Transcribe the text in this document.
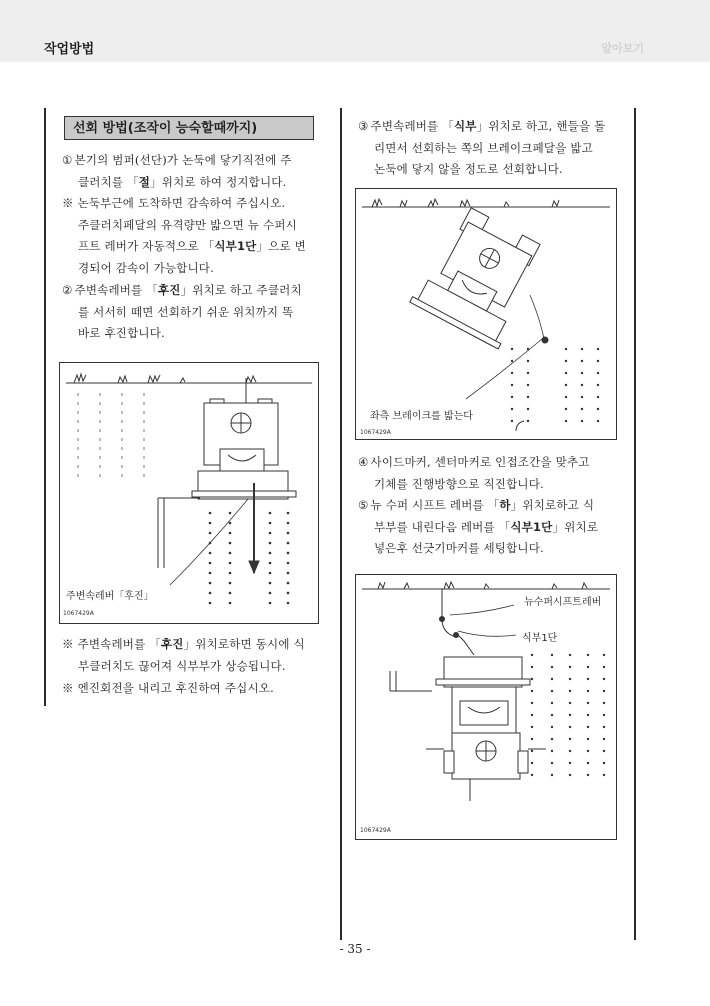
작업방법	알아보기
선회 방법(조작이 능숙할때까지)
① 본기의 범퍼(선단)가 논둑에 닿기직전에 주
클러치를 「절」위치로 하여 정지합니다.
※ 논둑부근에 도착하면 감속하여 주십시오.
주클러치페달의 유격량만 밟으면 뉴 수퍼시
프트 레버가 자동적으로 「식부1단」으로 변
경되어 감속이 가능합니다.
② 주변속레버를 「후진」위치로 하고 주클러치
를 서서히 떼면 선회하기 쉬운 위치까지 똑
바로 후진합니다.
주변속레버「후진」
1067429A
※ 주변속레버를 「후진」위치로하면 동시에 식
부클러치도 끊어져 식부부가 상승됩니다.
※ 엔진회전을 내리고 후진하여 주십시오.
③ 주변속레버를 「식부」위치로 하고, 핸들을 돌
리면서 선회하는 쪽의 브레이크페달을 밟고
논둑에 닿지 않을 정도로 선회합니다.
좌측 브레이크를 밟는다
1067429A
④ 사이드마커, 센터마커로 인접조간을 맞추고
기체를 진행방향으로 직진합니다.
⑤ 뉴 수퍼 시프트 레버를 「하」위치로하고 식
부부를 내린다음 레버를 「식부1단」위치로
넣은후 선긋기마커를 세팅합니다.
뉴수퍼시프트레버
식부1단
1067429A
- 35 -
